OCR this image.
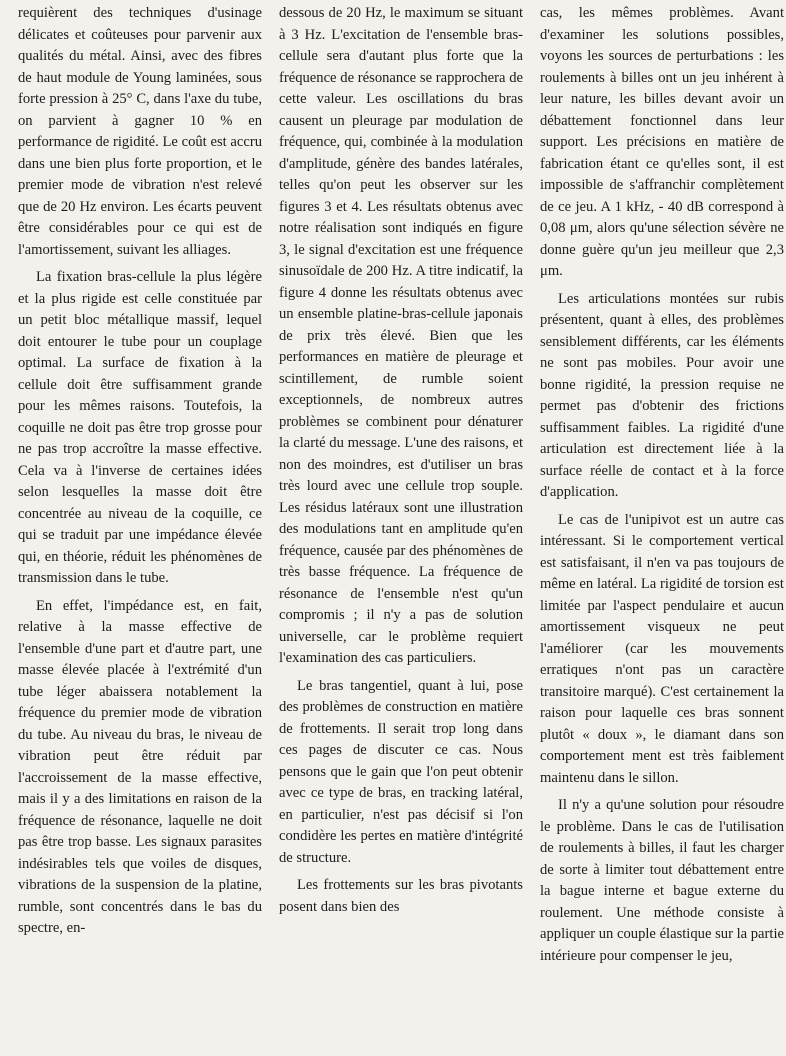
requièrent des techniques d'usinage délicates et coûteuses pour parvenir aux qualités du métal. Ainsi, avec des fibres de haut module de Young laminées, sous forte pression à 25° C, dans l'axe du tube, on parvient à gagner 10 % en performance de rigidité. Le coût est accru dans une bien plus forte proportion, et le premier mode de vibration n'est relevé que de 20 Hz environ. Les écarts peuvent être considérables pour ce qui est de l'amortissement, suivant les alliages.

La fixation bras-cellule la plus légère et la plus rigide est celle constituée par un petit bloc métallique massif, lequel doit entourer le tube pour un couplage optimal. La surface de fixation à la cellule doit être suffisamment grande pour les mêmes raisons. Toutefois, la coquille ne doit pas être trop grosse pour ne pas trop accroître la masse effective. Cela va à l'inverse de certaines idées selon lesquelles la masse doit être concentrée au niveau de la coquille, ce qui se traduit par une impédance élevée qui, en théorie, réduit les phénomènes de transmission dans le tube.

En effet, l'impédance est, en fait, relative à la masse effective de l'ensemble d'une part et d'autre part, une masse élevée placée à l'extrémité d'un tube léger abaissera notablement la fréquence du premier mode de vibration du tube. Au niveau du bras, le niveau de vibration peut être réduit par l'accroissement de la masse effective, mais il y a des limitations en raison de la fréquence de résonance, laquelle ne doit pas être trop basse. Les signaux parasites indésirables tels que voiles de disques, vibrations de la suspension de la platine, rumble, sont concentrés dans le bas du spectre, en-

dessous de 20 Hz, le maximum se situant à 3 Hz. L'excitation de l'ensemble bras-cellule sera d'autant plus forte que la fréquence de résonance se rapprochera de cette valeur. Les oscillations du bras causent un pleurage par modulation de fréquence, qui, combinée à la modulation d'amplitude, génère des bandes latérales, telles qu'on peut les observer sur les figures 3 et 4. Les résultats obtenus avec notre réalisation sont indiqués en figure 3, le signal d'excitation est une fréquence sinusoïdale de 200 Hz. A titre indicatif, la figure 4 donne les résultats obtenus avec un ensemble platine-bras-cellule japonais de prix très élevé. Bien que les performances en matière de pleurage et scintillement, de rumble soient exceptionnels, de nombreux autres problèmes se combinent pour dénaturer la clarté du message. L'une des raisons, et non des moindres, est d'utiliser un bras très lourd avec une cellule trop souple. Les résidus latéraux sont une illustration des modulations tant en amplitude qu'en fréquence, causée par des phénomènes de très basse fréquence. La fréquence de résonance de l'ensemble n'est qu'un compromis ; il n'y a pas de solution universelle, car le problème requiert l'examination des cas particuliers.

Le bras tangentiel, quant à lui, pose des problèmes de construction en matière de frottements. Il serait trop long dans ces pages de discuter ce cas. Nous pensons que le gain que l'on peut obtenir avec ce type de bras, en tracking latéral, en particulier, n'est pas décisif si l'on condidère les pertes en matière d'intégrité de structure.

Les frottements sur les bras pivotants posent dans bien des

cas, les mêmes problèmes. Avant d'examiner les solutions possibles, voyons les sources de perturbations : les roulements à billes ont un jeu inhérent à leur nature, les billes devant avoir un débattement fonctionnel dans leur support. Les précisions en matière de fabrication étant ce qu'elles sont, il est impossible de s'affranchir complètement de ce jeu. A 1 kHz, - 40 dB correspond à 0,08 μm, alors qu'une sélection sévère ne donne guère qu'un jeu meilleur que 2,3 μm.

Les articulations montées sur rubis présentent, quant à elles, des problèmes sensiblement différents, car les éléments ne sont pas mobiles. Pour avoir une bonne rigidité, la pression requise ne permet pas d'obtenir des frictions suffisamment faibles. La rigidité d'une articulation est directement liée à la surface réelle de contact et à la force d'application.

Le cas de l'unipivot est un autre cas intéressant. Si le comportement vertical est satisfaisant, il n'en va pas toujours de même en latéral. La rigidité de torsion est limitée par l'aspect pendulaire et aucun amortissement visqueux ne peut l'améliorer (car les mouvements erratiques n'ont pas un caractère transitoire marqué). C'est certainement la raison pour laquelle ces bras sonnent plutôt « doux », le diamant dans son comportement ment est très faiblement maintenu dans le sillon.

Il n'y a qu'une solution pour résoudre le problème. Dans le cas de l'utilisation de roulements à billes, il faut les charger de sorte à limiter tout débattement entre la bague interne et bague externe du roulement. Une méthode consiste à appliquer un couple élastique sur la partie intérieure pour compenser le jeu,
